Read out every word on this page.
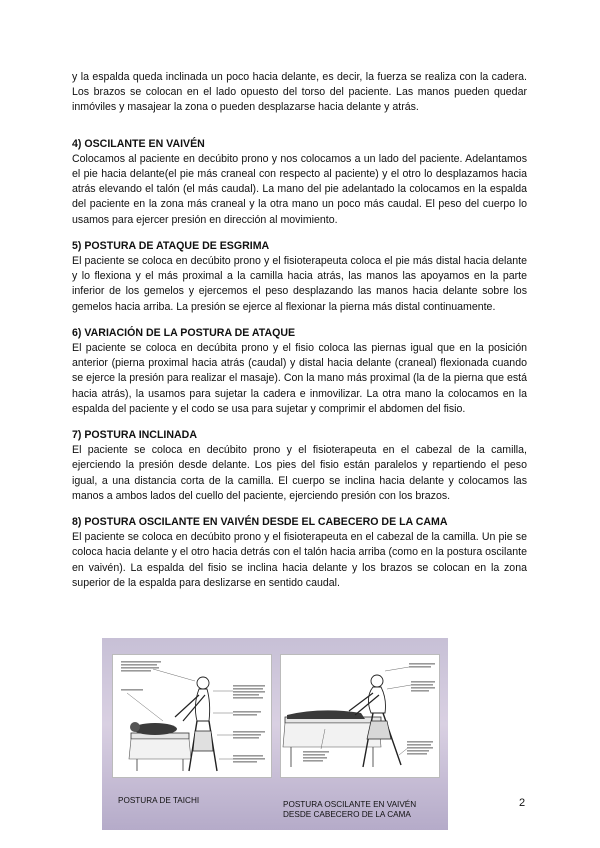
y la espalda queda inclinada un poco hacia delante, es decir, la fuerza se realiza con la cadera. Los brazos se colocan en el lado opuesto del torso del paciente. Las manos pueden quedar inmóviles y masajear la zona o pueden desplazarse hacia delante y atrás.

4) OSCILANTE EN VAIVÉN

Colocamos al paciente en decúbito prono y nos colocamos a un lado del paciente. Adelantamos el pie hacia delante(el pie más craneal con respecto al paciente) y el otro lo desplazamos hacia atrás elevando el talón (el más caudal). La mano del pie adelantado la colocamos en la espalda del paciente en la zona más craneal y la otra mano un poco más caudal. El peso del cuerpo lo usamos para ejercer presión en dirección al movimiento.

5) POSTURA DE ATAQUE DE ESGRIMA

El paciente se coloca en decúbito prono y el fisioterapeuta coloca el pie más distal hacia delante y lo flexiona y el más proximal a la camilla hacia atrás, las manos las apoyamos en la parte inferior de los gemelos y ejercemos el peso desplazando las manos hacia delante sobre los gemelos hacia arriba. La presión se ejerce al flexionar la pierna más distal continuamente.

6) VARIACIÓN DE LA POSTURA DE ATAQUE

El paciente se coloca en decúbita prono y el fisio coloca las piernas igual que en la posición anterior (pierna proximal hacia atrás (caudal) y distal hacia delante (craneal) flexionada cuando se ejerce la presión para realizar el masaje). Con la mano más proximal (la de la pierna que está hacia atrás), la usamos para sujetar la cadera e inmovilizar. La otra mano la colocamos en la espalda del paciente y el codo se usa para sujetar y comprimir el abdomen del fisio.

7) POSTURA INCLINADA

El paciente se coloca en decúbito prono y el fisioterapeuta en el cabezal de la camilla, ejerciendo la presión desde delante. Los pies del fisio están paralelos y repartiendo el peso igual, a una distancia corta de la camilla. El cuerpo se inclina hacia delante y colocamos las manos a ambos lados del cuello del paciente, ejerciendo presión con los brazos.

8) POSTURA OSCILANTE EN VAIVÉN DESDE EL CABECERO DE LA CAMA

El paciente se coloca en decúbito prono y el fisioterapeuta en el cabezal de la camilla. Un pie se coloca hacia delante y el otro hacia detrás con el talón hacia arriba (como en la postura oscilante en vaivén). La espalda del fisio se inclina hacia delante y los brazos se colocan en la zona superior de la espalda para deslizarse en sentido caudal.

POSTURA DE TAICHI	POSTURA OSCILANTE EN VAIVÉN
DESDE CABECERO DE LA CAMA
2
